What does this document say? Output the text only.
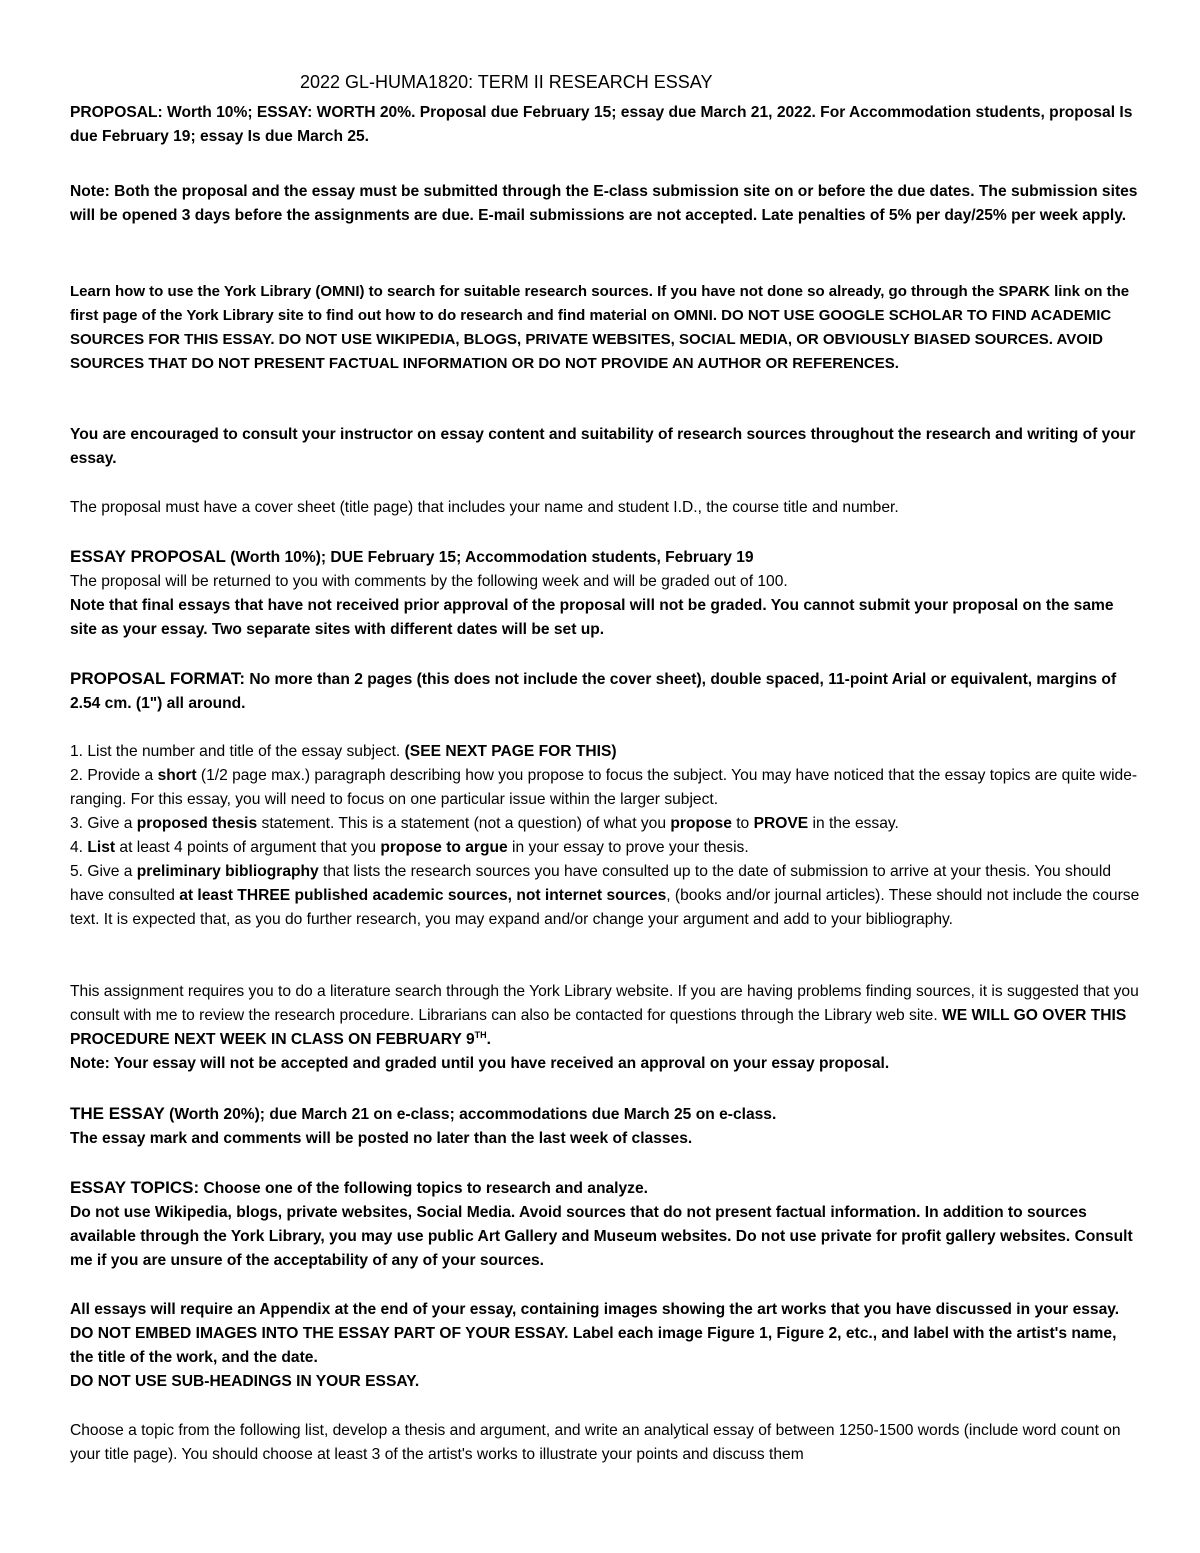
2022 GL-HUMA1820: TERM II RESEARCH ESSAY

PROPOSAL: Worth 10%; ESSAY: WORTH 20%. Proposal due February 15; essay due March 21, 2022. For Accommodation students, proposal Is due February 19; essay Is due March 25.

Note: Both the proposal and the essay must be submitted through the E-class submission site on or before the due dates. The submission sites will be opened 3 days before the assignments are due. E-mail submissions are not accepted. Late penalties of 5% per day/25% per week apply.

Learn how to use the York Library (OMNI) to search for suitable research sources. If you have not done so already, go through the SPARK link on the first page of the York Library site to find out how to do research and find material on OMNI. DO NOT USE GOOGLE SCHOLAR TO FIND ACADEMIC SOURCES FOR THIS ESSAY. DO NOT USE WIKIPEDIA, BLOGS, PRIVATE WEBSITES, SOCIAL MEDIA, OR OBVIOUSLY BIASED SOURCES. AVOID SOURCES THAT DO NOT PRESENT FACTUAL INFORMATION OR DO NOT PROVIDE AN AUTHOR OR REFERENCES.

You are encouraged to consult your instructor on essay content and suitability of research sources throughout the research and writing of your essay.

The proposal must have a cover sheet (title page) that includes your name and student I.D., the course title and number.

ESSAY PROPOSAL (Worth 10%); DUE February 15; Accommodation students, February 19

The proposal will be returned to you with comments by the following week and will be graded out of 100.

Note that final essays that have not received prior approval of the proposal will not be graded. You cannot submit your proposal on the same site as your essay. Two separate sites with different dates will be set up.

PROPOSAL FORMAT: No more than 2 pages (this does not include the cover sheet), double spaced, 11-point Arial or equivalent, margins of 2.54 cm. (1") all around.

1. List the number and title of the essay subject. (SEE NEXT PAGE FOR THIS)

2. Provide a short (1/2 page max.) paragraph describing how you propose to focus the subject. You may have noticed that the essay topics are quite wide-ranging. For this essay, you will need to focus on one particular issue within the larger subject.

3. Give a proposed thesis statement. This is a statement (not a question) of what you propose to PROVE in the essay.

4. List at least 4 points of argument that you propose to argue in your essay to prove your thesis.

5. Give a preliminary bibliography that lists the research sources you have consulted up to the date of submission to arrive at your thesis. You should have consulted at least THREE published academic sources, not internet sources, (books and/or journal articles). These should not include the course text. It is expected that, as you do further research, you may expand and/or change your argument and add to your bibliography.

This assignment requires you to do a literature search through the York Library website. If you are having problems finding sources, it is suggested that you consult with me to review the research procedure. Librarians can also be contacted for questions through the Library web site. WE WILL GO OVER THIS PROCEDURE NEXT WEEK IN CLASS ON FEBRUARY 9TH.

Note: Your essay will not be accepted and graded until you have received an approval on your essay proposal.

THE ESSAY (Worth 20%); due March 21 on e-class; accommodations due March 25 on e-class.

The essay mark and comments will be posted no later than the last week of classes.

ESSAY TOPICS: Choose one of the following topics to research and analyze.

Do not use Wikipedia, blogs, private websites, Social Media. Avoid sources that do not present factual information. In addition to sources available through the York Library, you may use public Art Gallery and Museum websites. Do not use private for profit gallery websites. Consult me if you are unsure of the acceptability of any of your sources.

All essays will require an Appendix at the end of your essay, containing images showing the art works that you have discussed in your essay. DO NOT EMBED IMAGES INTO THE ESSAY PART OF YOUR ESSAY. Label each image Figure 1, Figure 2, etc., and label with the artist's name, the title of the work, and the date.

DO NOT USE SUB-HEADINGS IN YOUR ESSAY.

Choose a topic from the following list, develop a thesis and argument, and write an analytical essay of between 1250-1500 words (include word count on your title page). You should choose at least 3 of the artist's works to illustrate your points and discuss them
